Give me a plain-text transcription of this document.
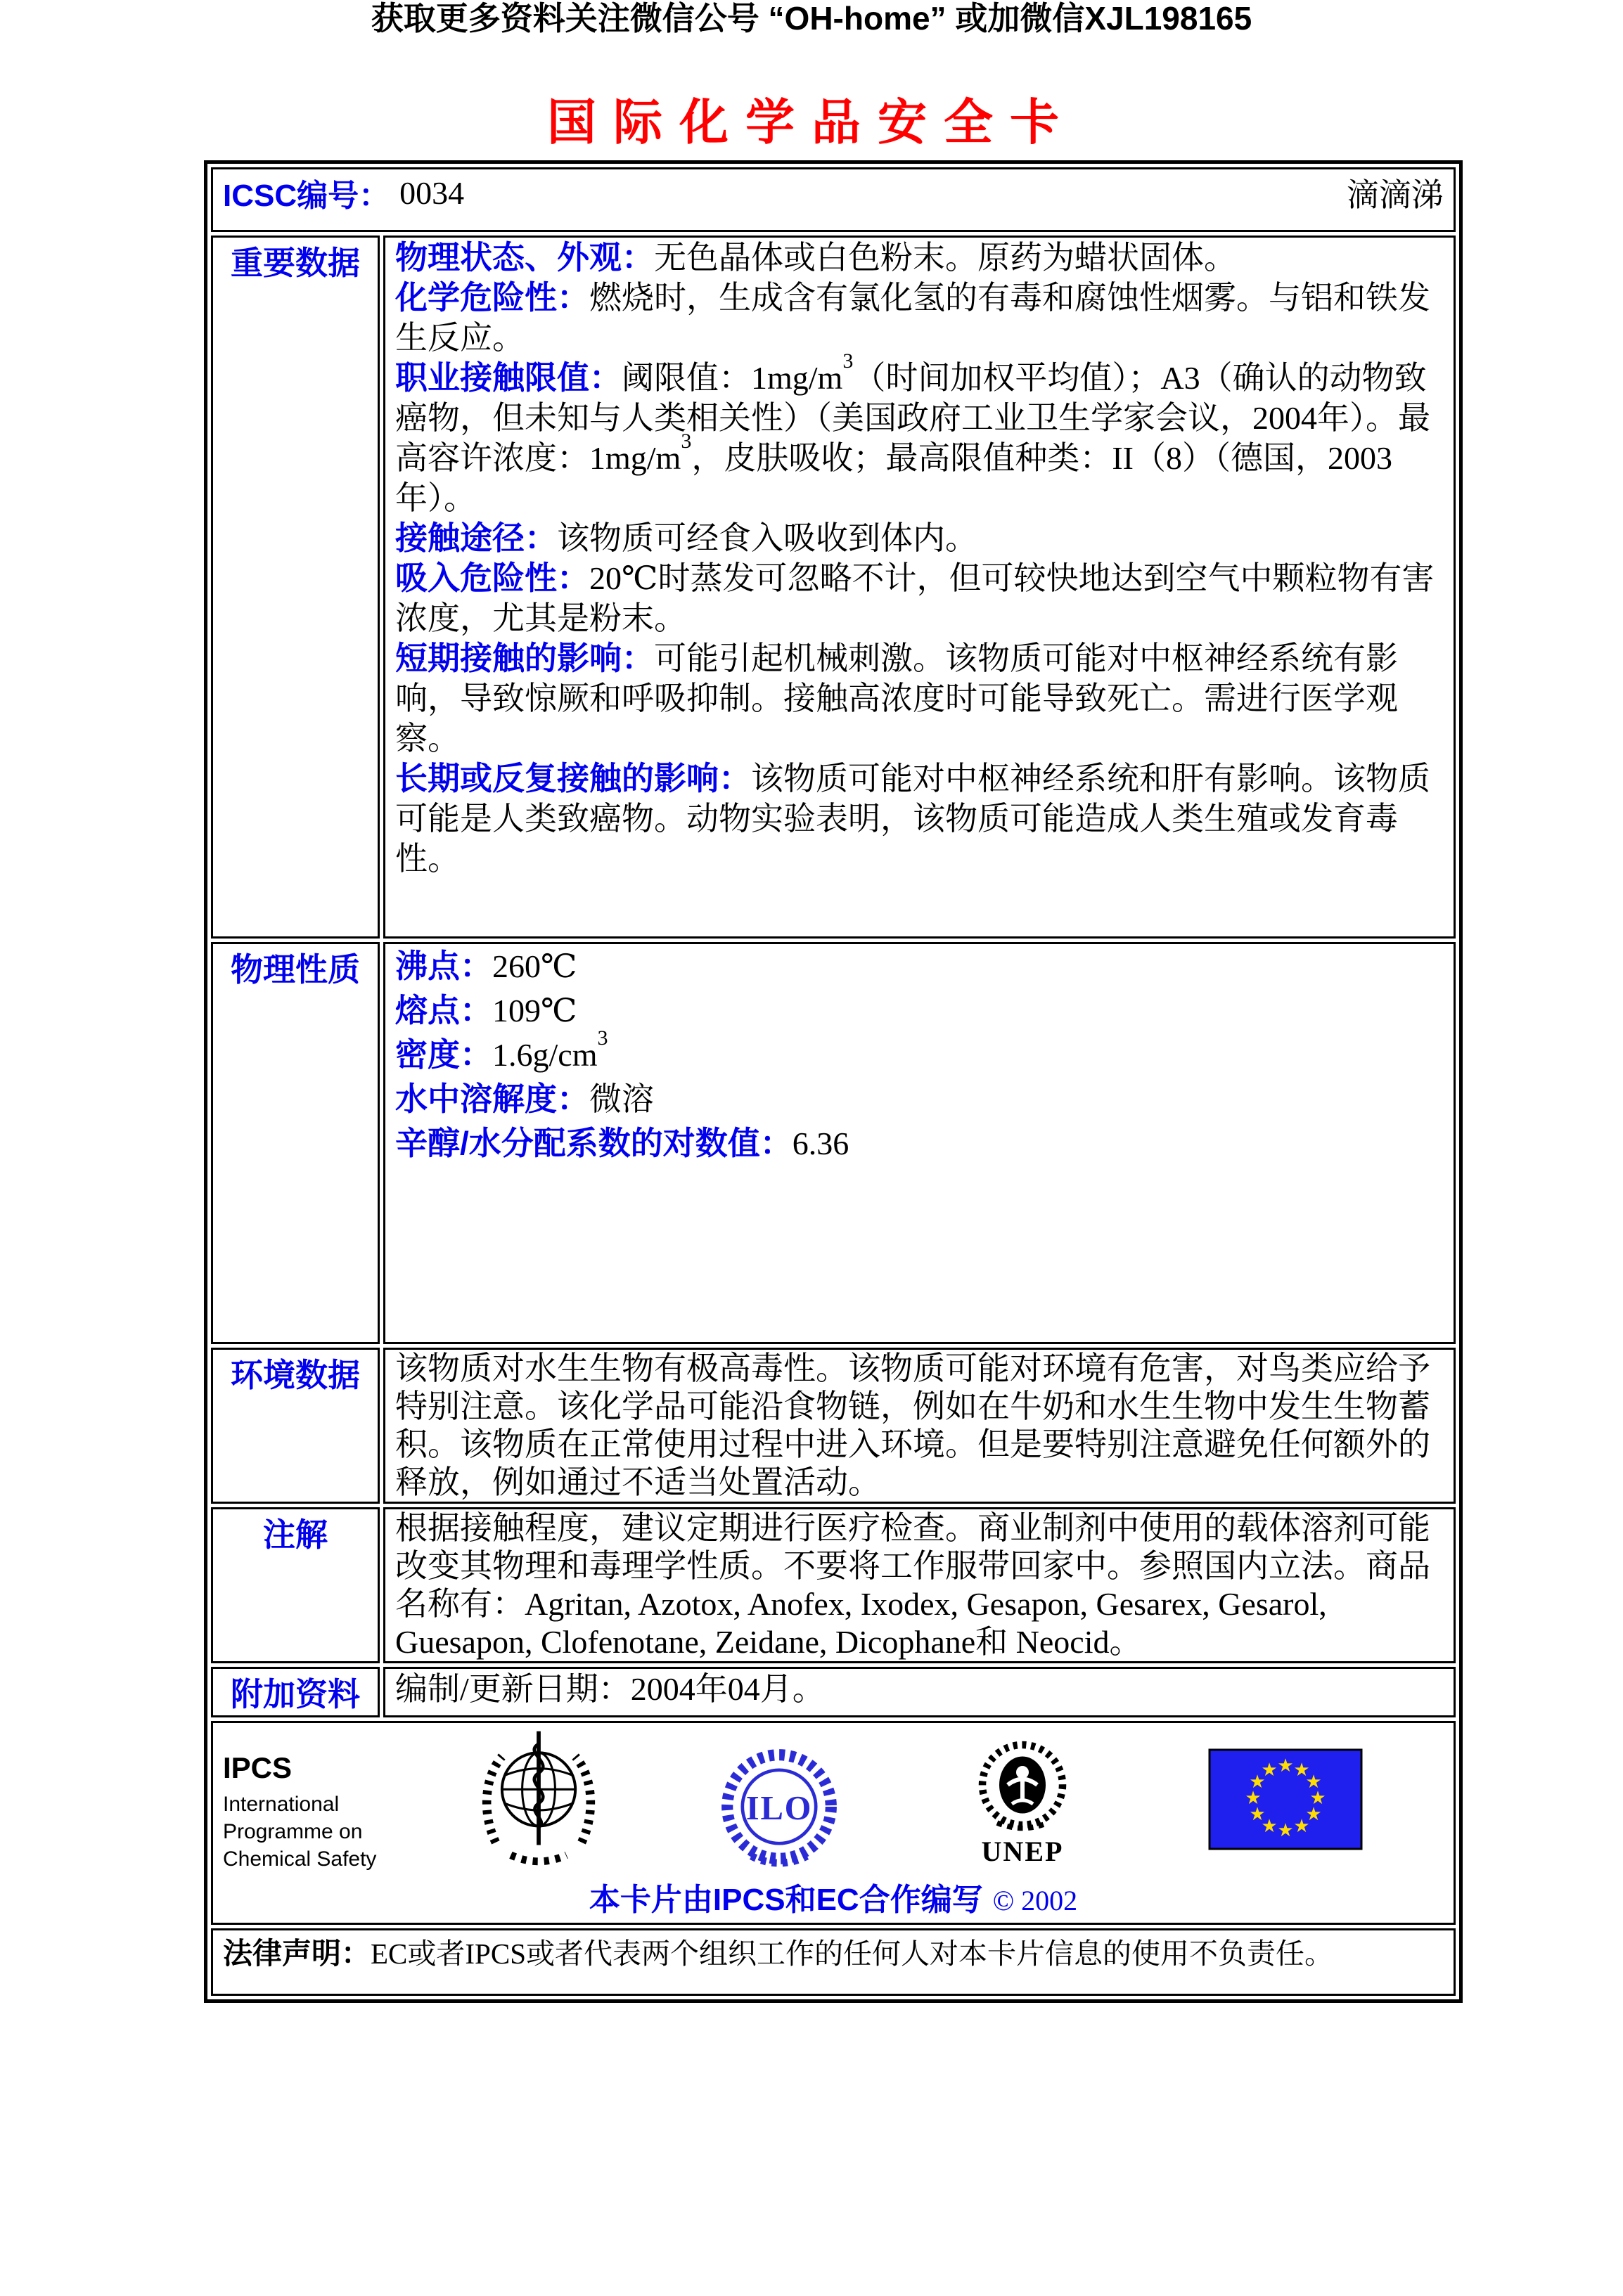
获取更多资料关注微信公号 “OH-home” 或加微信XJL198165
国际化学品安全卡
ICSC编号： 0034 滴滴涕	

重要数据	物理状态、外观：无色晶体或白色粉末。原药为蜡状固体。

化学危险性：燃烧时，生成含有氯化氢的有毒和腐蚀性烟雾。与铝和铁发生反应。

职业接触限值：阈限值：$1mg/m^3$（时间加权平均值）；A3（确认的动物致癌物，但未知与人类相关性）（美国政府工业卫生学家会议，2004年）。最高容许浓度：$1mg/m^3$，皮肤吸收；最高限值种类：II（8）（德国，2003年）。

接触途径：该物质可经食入吸收到体内。

吸入危险性：20℃时蒸发可忽略不计，但可较快地达到空气中颗粒物有害浓度，尤其是粉末。

短期接触的影响：可能引起机械刺激。该物质可能对中枢神经系统有影响，导致惊厥和呼吸抑制。接触高浓度时可能导致死亡。需进行医学观察。

长期或反复接触的影响：该物质可能对中枢神经系统和肝有影响。该物质可能是人类致癌物。动物实验表明，该物质可能造成人类生殖或发育毒性。

物理性质	沸点：260℃

熔点：109℃

密度：$1.6g/cm^3$

水中溶解度：微溶

辛醇/水分配系数的对数值：6.36

环境数据	该物质对水生生物有极高毒性。该物质可能对环境有危害，对鸟类应给予特别注意。该化学品可能沿食物链，例如在牛奶和水生生物中发生生物蓄积。该物质在正常使用过程中进入环境。但是要特别注意避免任何额外的释放，例如通过不适当处置活动。

注解	根据接触程度，建议定期进行医疗检查。商业制剂中使用的载体溶剂可能改变其物理和毒理学性质。不要将工作服带回家中。参照国内立法。商品名称有：Agritan, Azotox, Anofex, Ixodex, Gesapon, Gesarex, Gesarol, Guesapon, Clofenotane, Zeidane, Dicophane和 Neocid。

附加资料	编制/更新日期：2004年04月。

IPCS
International
Programme on
Chemical Safety
ILO
UNEP
★ ★
★
★
★
★
★
★
★
★
★
★
本卡片由IPCS和EC合作编写 © 2002

法律声明：EC或者IPCS或者代表两个组织工作的任何人对本卡片信息的使用不负责任。	
